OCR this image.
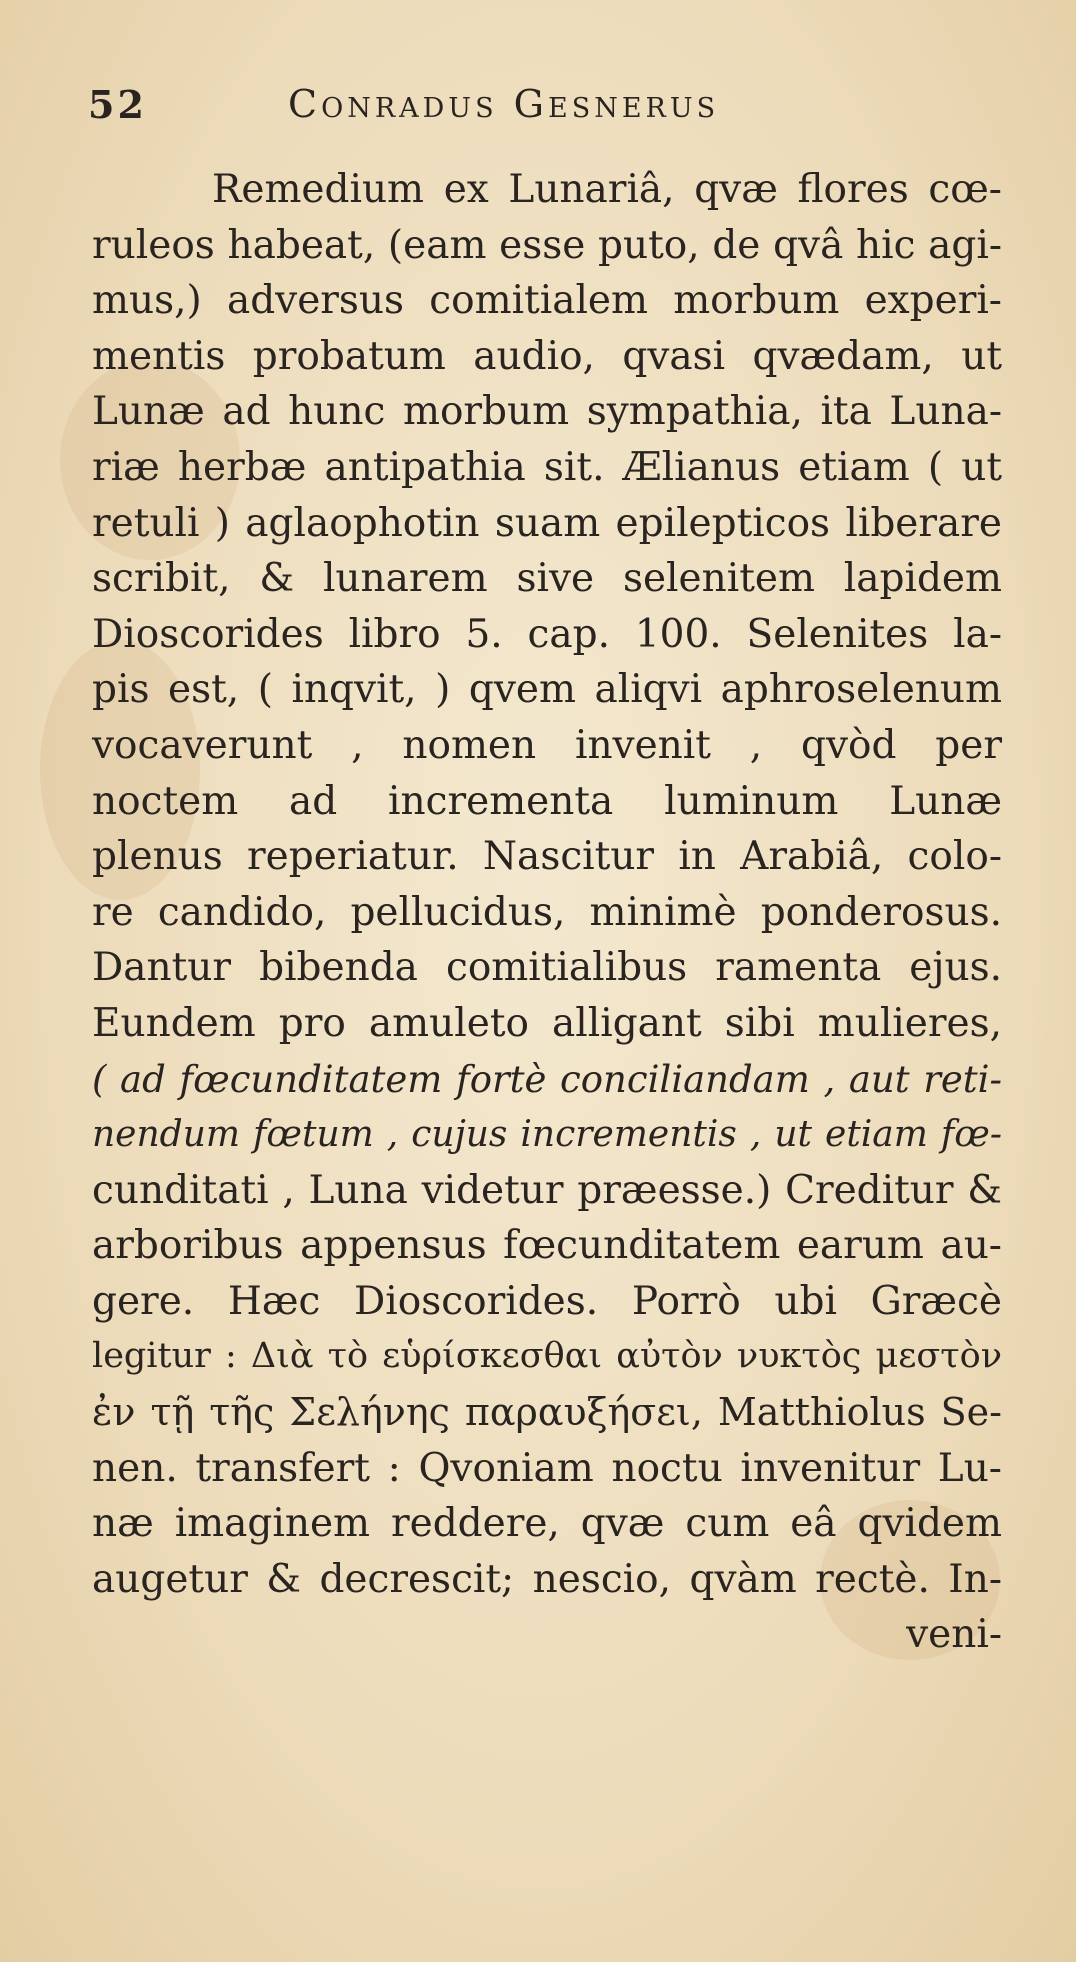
52	Conradus Gesnerus
Remedium ex Lunariâ, qvæ flores cœ-
ruleos habeat, (eam esse puto, de qvâ hic agi-
mus,) adversus comitialem morbum experi-
mentis probatum audio, qvasi qvædam, ut
Lunæ ad hunc morbum sympathia, ita Luna-
riæ herbæ antipathia sit. Ælianus etiam ( ut
retuli ) aglaophotin suam epilepticos liberare
scribit, & lunarem sive selenitem lapidem
Dioscorides libro 5. cap. 100. Selenites la-
pis est, ( inqvit, ) qvem aliqvi aphroselenum
vocaverunt , nomen invenit , qvòd per
noctem ad incrementa luminum Lunæ
plenus reperiatur. Nascitur in Arabiâ, colo-
re candido, pellucidus, minimè ponderosus.
Dantur bibenda comitialibus ramenta ejus.
Eundem pro amuleto alligant sibi mulieres,
( ad fœcunditatem fortè conciliandam , aut reti-
nendum fœtum , cujus incrementis , ut etiam fœ-
cunditati , Luna videtur præesse.) Creditur &
arboribus appensus fœcunditatem earum au-
gere. Hæc Dioscorides. Porrò ubi Græcè
legitur : Διὰ τὸ εὑρίσκεσθαι αὐτὸν νυκτὸς μεστὸν
ἐν τῇ τῆς Σελήνης παραυξήσει, Matthiolus Se-
nen. transfert : Qvoniam noctu invenitur Lu-
næ imaginem reddere, qvæ cum eâ qvidem
augetur & decrescit; nescio, qvàm rectè. In-
veni-
